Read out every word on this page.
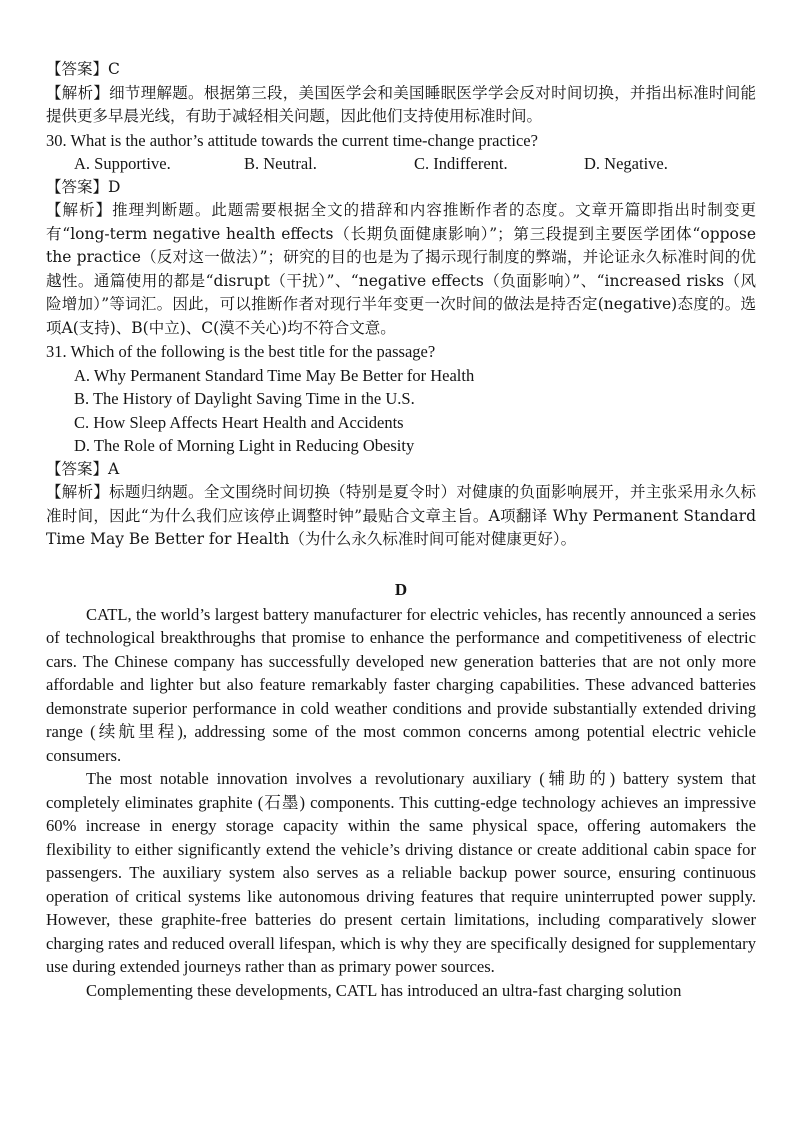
【答案】C
【解析】细节理解题。根据第三段，美国医学会和美国睡眠医学学会反对时间切换，并指出标准时间能提供更多早晨光线，有助于减轻相关问题，因此他们支持使用标准时间。
30. What is the author’s attitude towards the current time-change practice?
A. Supportive.	B. Neutral.	C. Indifferent.	D. Negative.
【答案】D
【解析】推理判断题。此题需要根据全文的措辞和内容推断作者的态度。文章开篇即指出时制变更有“long-term negative health effects（长期负面健康影响）”；第三段提到主要医学团体“oppose the practice（反对这一做法）”；研究的目的也是为了揭示现行制度的弊端，并论证永久标准时间的优越性。通篇使用的都是“disrupt（干扰）”、“negative effects（负面影响）”、“increased risks（风险增加）”等词汇。因此，可以推断作者对现行半年变更一次时间的做法是持否定(negative)态度的。选项A(支持)、B(中立)、C(漠不关心)均不符合文意。
31. Which of the following is the best title for the passage?
A. Why Permanent Standard Time May Be Better for Health
B. The History of Daylight Saving Time in the U.S.
C. How Sleep Affects Heart Health and Accidents
D. The Role of Morning Light in Reducing Obesity
【答案】A
【解析】标题归纳题。全文围绕时间切换（特别是夏令时）对健康的负面影响展开，并主张采用永久标准时间，因此“为什么我们应该停止调整时钟”最贴合文章主旨。A项翻译 Why Permanent Standard Time May Be Better for Health（为什么永久标准时间可能对健康更好）。
D

CATL, the world’s largest battery manufacturer for electric vehicles, has recently announced a series of technological breakthroughs that promise to enhance the performance and competitiveness of electric cars. The Chinese company has successfully developed new generation batteries that are not only more affordable and lighter but also feature remarkably faster charging capabilities. These advanced batteries demonstrate superior performance in cold weather conditions and provide substantially extended driving range (续航里程), addressing some of the most common concerns among potential electric vehicle consumers.

The most notable innovation involves a revolutionary auxiliary (辅助的) battery system that completely eliminates graphite (石墨) components. This cutting-edge technology achieves an impressive 60% increase in energy storage capacity within the same physical space, offering automakers the flexibility to either significantly extend the vehicle’s driving distance or create additional cabin space for passengers. The auxiliary system also serves as a reliable backup power source, ensuring continuous operation of critical systems like autonomous driving features that require uninterrupted power supply. However, these graphite-free batteries do present certain limitations, including comparatively slower charging rates and reduced overall lifespan, which is why they are specifically designed for supplementary use during extended journeys rather than as primary power sources.

Complementing these developments, CATL has introduced an ultra-fast charging solution
